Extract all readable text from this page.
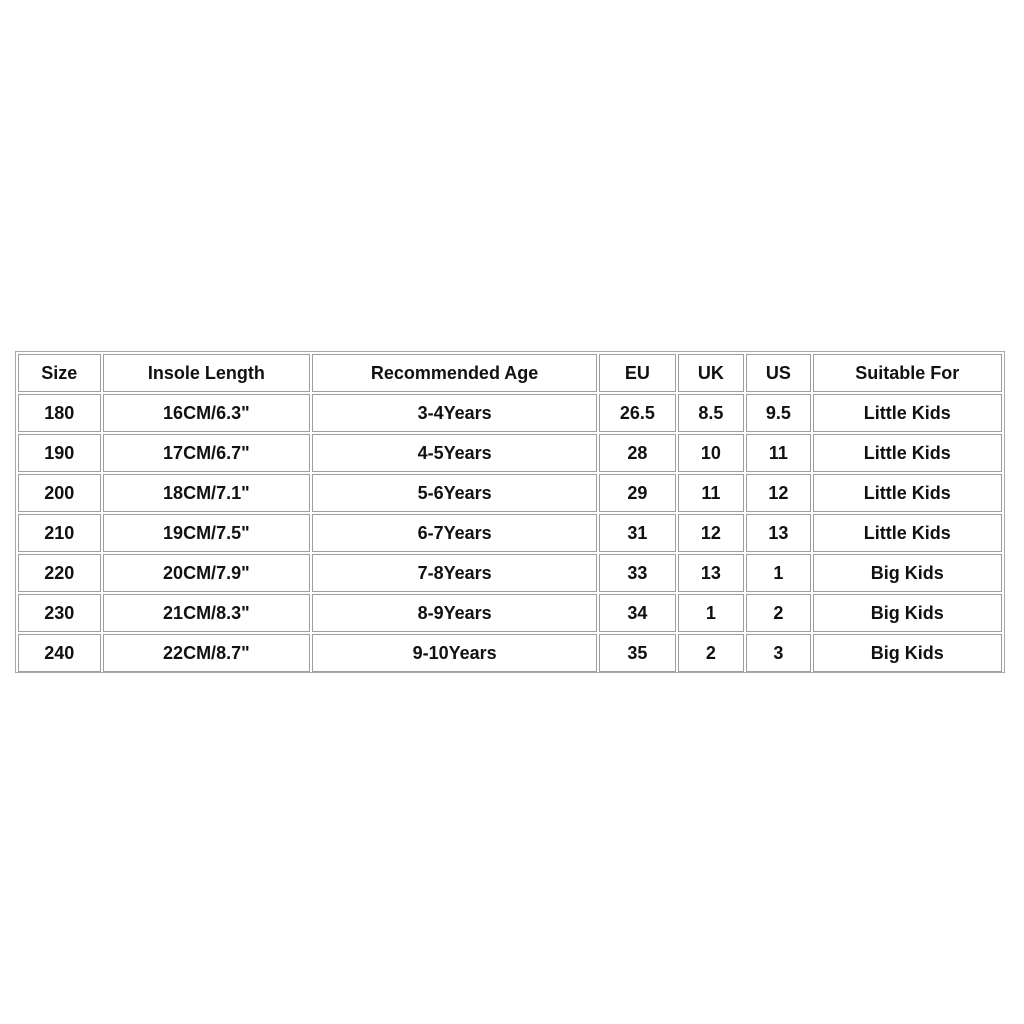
Size	Insole Length	Recommended Age	EU	UK	US	Suitable For
180	16CM/6.3"	3-4Years	26.5	8.5	9.5	Little Kids
190	17CM/6.7"	4-5Years	28	10	11	Little Kids
200	18CM/7.1"	5-6Years	29	11	12	Little Kids
210	19CM/7.5"	6-7Years	31	12	13	Little Kids
220	20CM/7.9"	7-8Years	33	13	1	Big Kids
230	21CM/8.3"	8-9Years	34	1	2	Big Kids
240	22CM/8.7"	9-10Years	35	2	3	Big Kids
